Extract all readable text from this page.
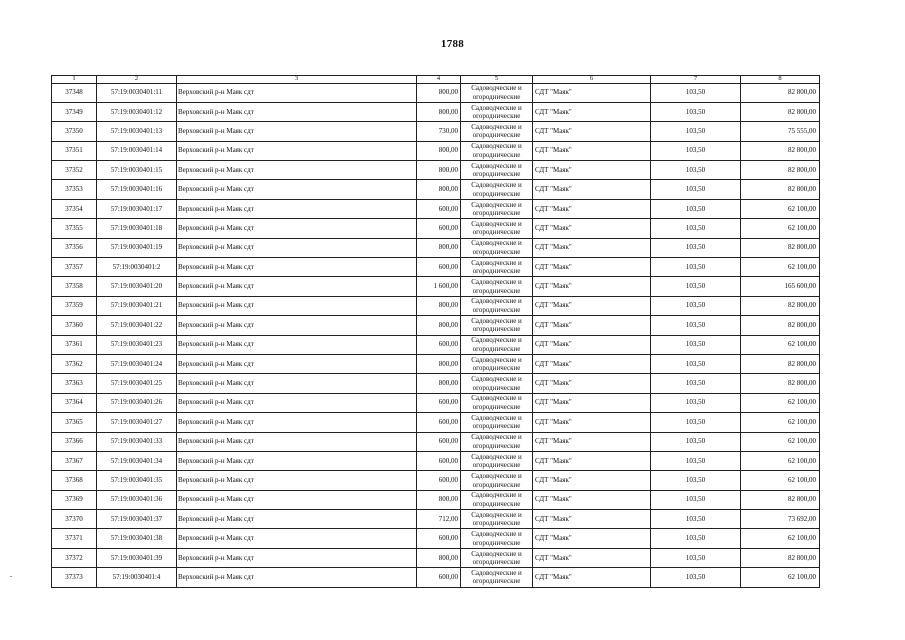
1788
1	2	3	4	5	6	7	8
37348	57:19:0030401:11	Верховский р-н Маяк сдт	800,00	Садоводческие и
огороднические	СДТ "Маяк"	103,50	82 800,00
37349	57:19:0030401:12	Верховский р-н Маяк сдт	800,00	Садоводческие и
огороднические	СДТ "Маяк"	103,50	82 800,00
37350	57:19:0030401:13	Верховский р-н Маяк сдт	730,00	Садоводческие и
огороднические	СДТ "Маяк"	103,50	75 555,00
37351	57:19:0030401:14	Верховский р-н Маяк сдт	800,00	Садоводческие и
огороднические	СДТ "Маяк"	103,50	82 800,00
37352	57:19:0030401:15	Верховский р-н Маяк сдт	800,00	Садоводческие и
огороднические	СДТ "Маяк"	103,50	82 800,00
37353	57:19:0030401:16	Верховский р-н Маяк сдт	800,00	Садоводческие и
огороднические	СДТ "Маяк"	103,50	82 800,00
37354	57:19:0030401:17	Верховский р-н Маяк сдт	600,00	Садоводческие и
огороднические	СДТ "Маяк"	103,50	62 100,00
37355	57:19:0030401:18	Верховский р-н Маяк сдт	600,00	Садоводческие и
огороднические	СДТ "Маяк"	103,50	62 100,00
37356	57:19:0030401:19	Верховский р-н Маяк сдт	800,00	Садоводческие и
огороднические	СДТ "Маяк"	103,50	82 800,00
37357	57:19:0030401:2	Верховский р-н Маяк сдт	600,00	Садоводческие и
огороднические	СДТ "Маяк"	103,50	62 100,00
37358	57:19:0030401:20	Верховский р-н Маяк сдт	1 600,00	Садоводческие и
огороднические	СДТ "Маяк"	103,50	165 600,00
37359	57:19:0030401:21	Верховский р-н Маяк сдт	800,00	Садоводческие и
огороднические	СДТ "Маяк"	103,50	82 800,00
37360	57:19:0030401:22	Верховский р-н Маяк сдт	800,00	Садоводческие и
огороднические	СДТ "Маяк"	103,50	82 800,00
37361	57:19:0030401:23	Верховский р-н Маяк сдт	600,00	Садоводческие и
огороднические	СДТ "Маяк"	103,50	62 100,00
37362	57:19:0030401:24	Верховский р-н Маяк сдт	800,00	Садоводческие и
огороднические	СДТ "Маяк"	103,50	82 800,00
37363	57:19:0030401:25	Верховский р-н Маяк сдт	800,00	Садоводческие и
огороднические	СДТ "Маяк"	103,50	82 800,00
37364	57:19:0030401:26	Верховский р-н Маяк сдт	600,00	Садоводческие и
огороднические	СДТ "Маяк"	103,50	62 100,00
37365	57:19:0030401:27	Верховский р-н Маяк сдт	600,00	Садоводческие и
огороднические	СДТ "Маяк"	103,50	62 100,00
37366	57:19:0030401:33	Верховский р-н Маяк сдт	600,00	Садоводческие и
огороднические	СДТ "Маяк"	103,50	62 100,00
37367	57:19:0030401:34	Верховский р-н Маяк сдт	600,00	Садоводческие и
огороднические	СДТ "Маяк"	103,50	62 100,00
37368	57:19:0030401:35	Верховский р-н Маяк сдт	600,00	Садоводческие и
огороднические	СДТ "Маяк"	103,50	62 100,00
37369	57:19:0030401:36	Верховский р-н Маяк сдт	800,00	Садоводческие и
огороднические	СДТ "Маяк"	103,50	82 800,00
37370	57:19:0030401:37	Верховский р-н Маяк сдт	712,00	Садоводческие и
огороднические	СДТ "Маяк"	103,50	73 692,00
37371	57:19:0030401:38	Верховский р-н Маяк сдт	600,00	Садоводческие и
огороднические	СДТ "Маяк"	103,50	62 100,00
37372	57:19:0030401:39	Верховский р-н Маяк сдт	800,00	Садоводческие и
огороднические	СДТ "Маяк"	103,50	82 800,00
37373	57:19:0030401:4	Верховский р-н Маяк сдт	600,00	Садоводческие и
огороднические	СДТ "Маяк"	103,50	62 100,00
